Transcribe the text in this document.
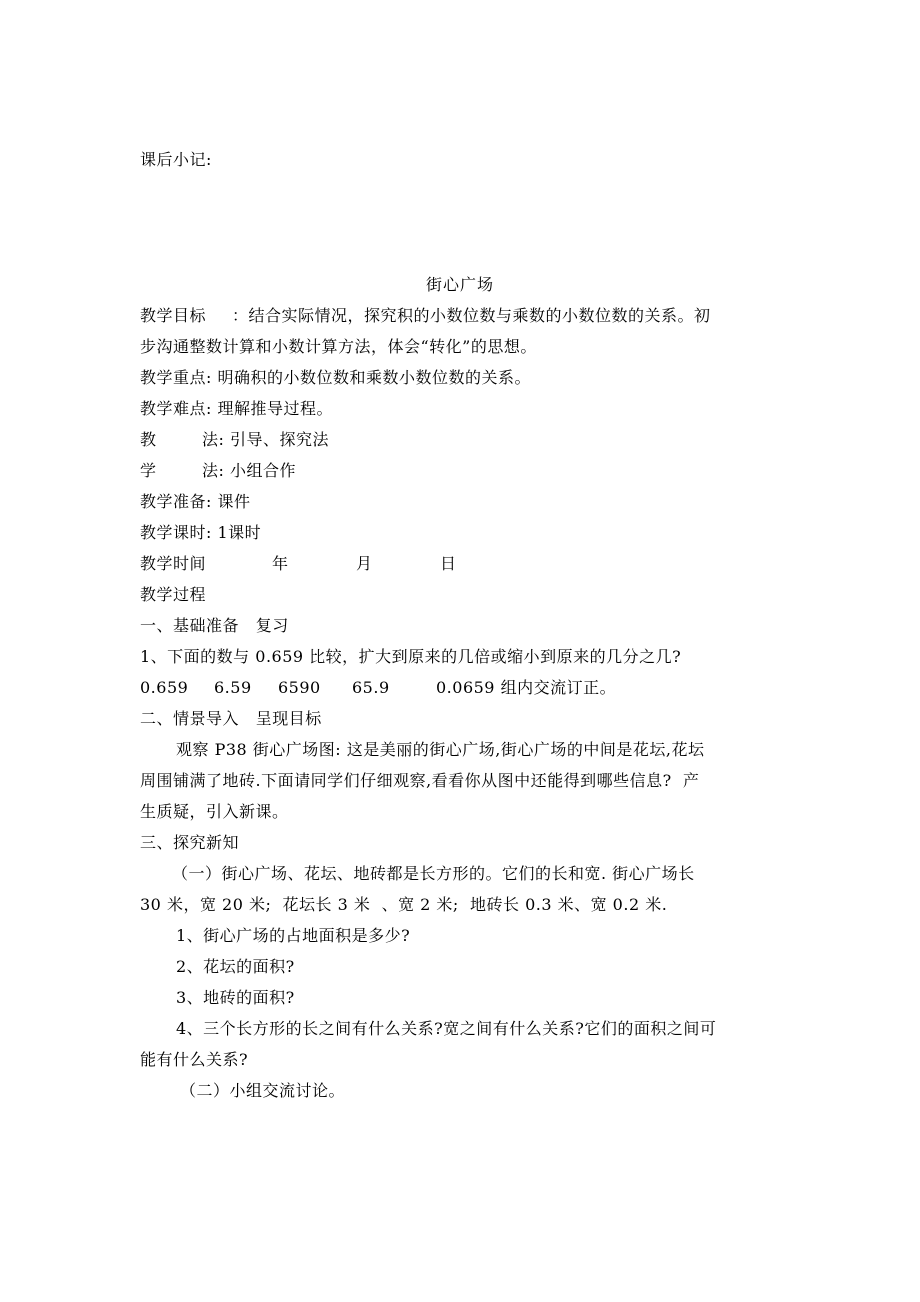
课后小记:
街心广场
教学目标 ：结合实际情况，探究积的小数位数与乘数的小数位数的关系。初
步沟通整数计算和小数计算方法，体会“转化”的思想。
教学重点: 明确积的小数位数和乘数小数位数的关系。
教学难点: 理解推导过程。
教	法: 引导、探究法
学	法: 小组合作
教学准备: 课件
教学课时: 1课时
教学时间	年	月	日
教学过程
一、基础准备   复习
1、下面的数与 0.659 比较，扩大到原来的几倍或缩小到原来的几分之几?
0.659 6.59 6590 65.9	0.0659 组内交流订正。
二、情景导入   呈现目标
观察 P38 街心广场图: 这是美丽的街心广场,街心广场的中间是花坛,花坛
周围铺满了地砖.下面请同学们仔细观察,看看你从图中还能得到哪些信息?  产
生质疑，引入新课。
三、探究新知
（一）街心广场、花坛、地砖都是长方形的。它们的长和宽. 街心广场长
30 米，宽 20 米;  花坛长 3 米  、宽 2 米;  地砖长 0.3 米、宽 0.2 米.
1、街心广场的占地面积是多少?
2、花坛的面积?
3、地砖的面积?
4、三个长方形的长之间有什么关系?宽之间有什么关系?它们的面积之间可
能有什么关系?
（二）小组交流讨论。
